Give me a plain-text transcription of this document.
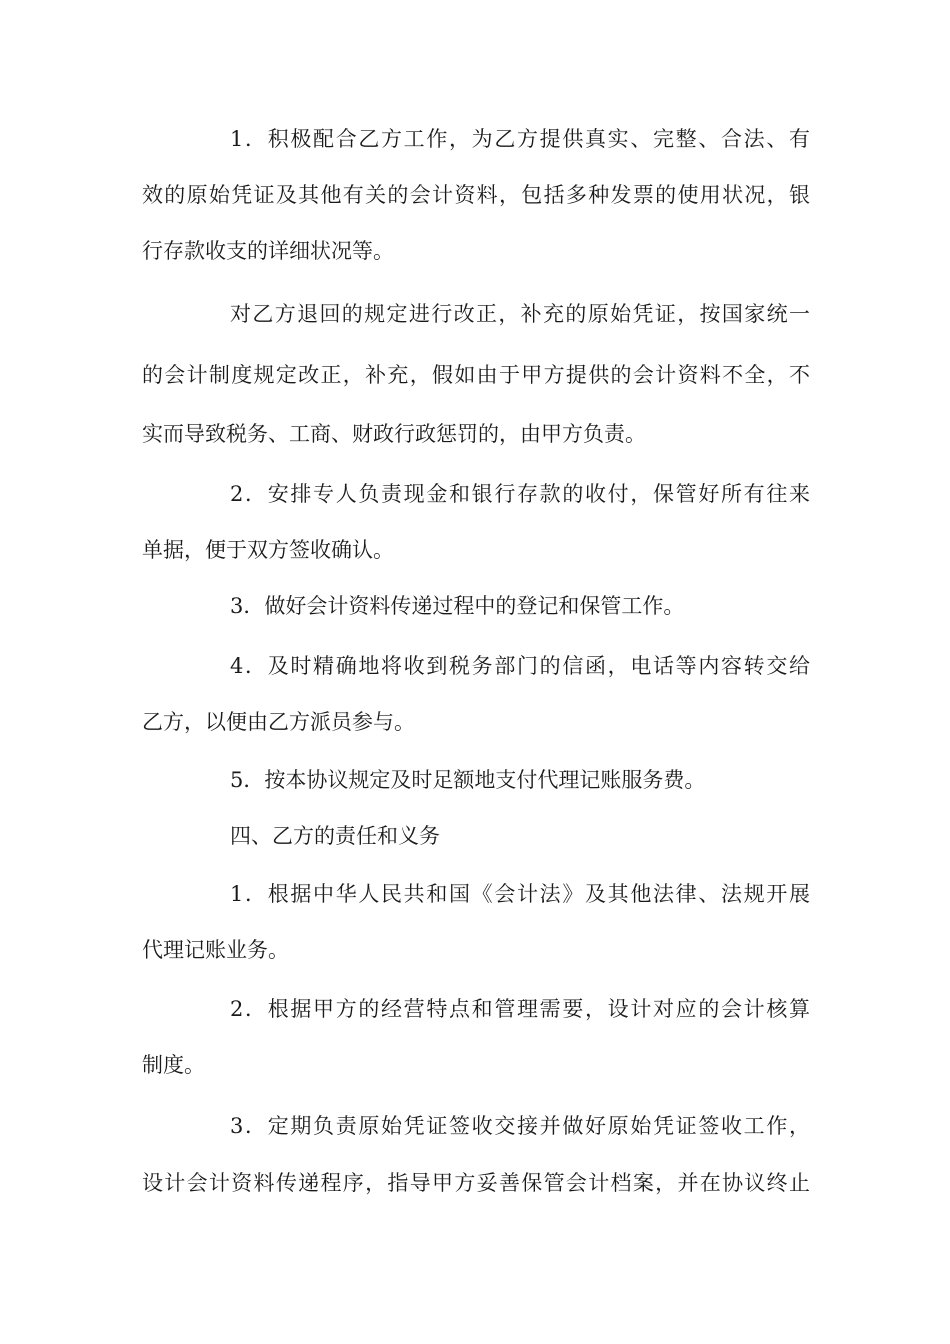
1．积极配合乙方工作，为乙方提供真实、完整、合法、有
效的原始凭证及其他有关的会计资料，包括多种发票的使用状况，银
行存款收支的详细状况等。
对乙方退回的规定进行改正，补充的原始凭证，按国家统一
的会计制度规定改正，补充，假如由于甲方提供的会计资料不全，不
实而导致税务、工商、财政行政惩罚的，由甲方负责。
2．安排专人负责现金和银行存款的收付，保管好所有往来
单据，便于双方签收确认。
3．做好会计资料传递过程中的登记和保管工作。
4．及时精确地将收到税务部门的信函，电话等内容转交给
乙方，以便由乙方派员参与。
5．按本协议规定及时足额地支付代理记账服务费。
四、乙方的责任和义务
1．根据中华人民共和国《会计法》及其他法律、法规开展
代理记账业务。
2．根据甲方的经营特点和管理需要，设计对应的会计核算
制度。
3．定期负责原始凭证签收交接并做好原始凭证签收工作，
设计会计资料传递程序，指导甲方妥善保管会计档案，并在协议终止
